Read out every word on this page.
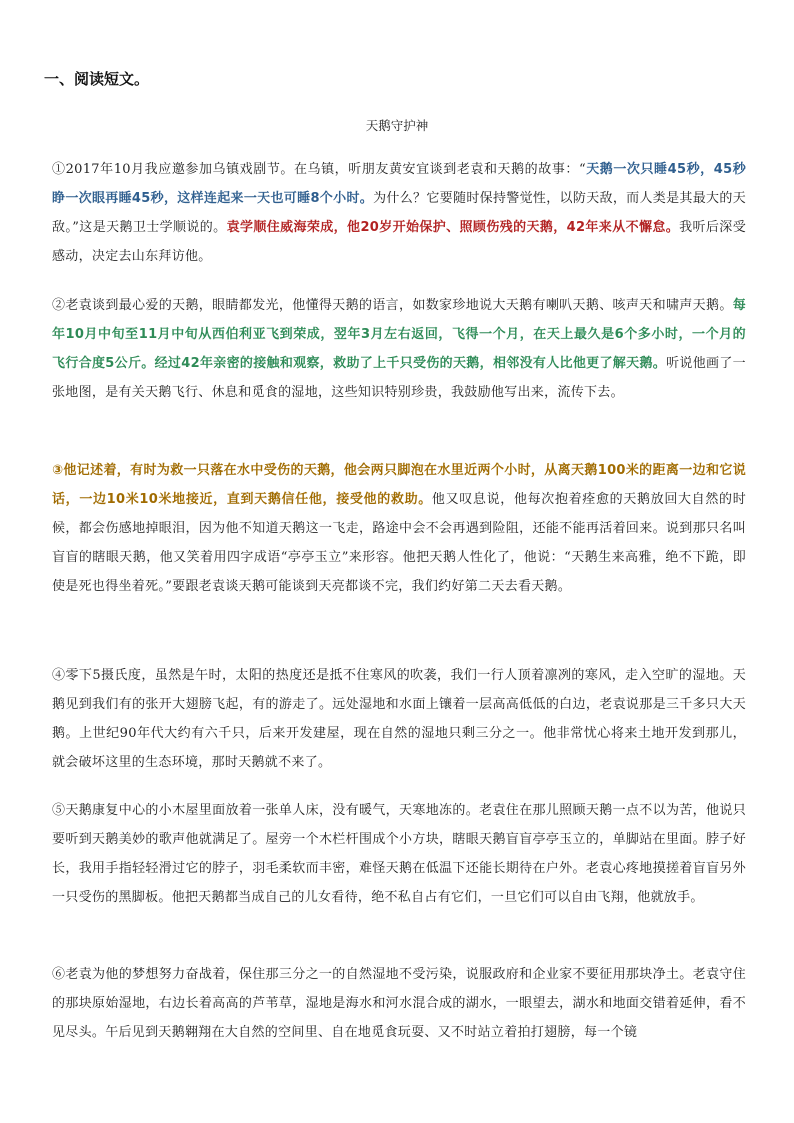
一、阅读短文。
天鹅守护神
①2017年10月我应邀参加乌镇戏剧节。在乌镇，听朋友黄安宜谈到老袁和天鹅的故事：“天鹅一次只睡45秒，45秒睁一次眼再睡45秒，这样连起来一天也可睡8个小时。为什么？它要随时保持警觉性，以防天敌，而人类是其最大的天敌。”这是天鹅卫士学顺说的。袁学顺住威海荣成，他20岁开始保护、照顾伤残的天鹅，42年来从不懈怠。我听后深受感动，决定去山东拜访他。
②老袁谈到最心爱的天鹅，眼睛都发光，他懂得天鹅的语言，如数家珍地说大天鹅有喇叭天鹅、咳声天和啸声天鹅。每年10月中旬至11月中旬从西伯利亚飞到荣成，翌年3月左右返回，飞得一个月，在天上最久是6个多小时，一个月的飞行合度5公斤。经过42年亲密的接触和观察，救助了上千只受伤的天鹅，相邻没有人比他更了解天鹅。听说他画了一张地图，是有关天鹅飞行、休息和觅食的湿地，这些知识特别珍贵，我鼓励他写出来，流传下去。
③他记述着，有时为救一只落在水中受伤的天鹅，他会两只脚泡在水里近两个小时，从离天鹅100米的距离一边和它说话，一边10米10米地接近，直到天鹅信任他，接受他的救助。他又叹息说，他每次抱着痊愈的天鹅放回大自然的时候，都会伤感地掉眼泪，因为他不知道天鹅这一飞走，路途中会不会再遇到险阻，还能不能再活着回来。说到那只名叫盲盲的瞎眼天鹅，他又笑着用四字成语“亭亭玉立”来形容。他把天鹅人性化了，他说：“天鹅生来高雅，绝不下跪，即使是死也得坐着死。”要跟老袁谈天鹅可能谈到天亮都谈不完，我们约好第二天去看天鹅。
④零下5摄氏度，虽然是午时，太阳的热度还是抵不住寒风的吹袭，我们一行人顶着凛冽的寒风，走入空旷的湿地。天鹅见到我们有的张开大翅膀飞起，有的游走了。远处湿地和水面上镶着一层高高低低的白边，老袁说那是三千多只大天鹅。上世纪90年代大约有六千只，后来开发建屋，现在自然的湿地只剩三分之一。他非常忧心将来土地开发到那儿，就会破坏这里的生态环境，那时天鹅就不来了。
⑤天鹅康复中心的小木屋里面放着一张单人床，没有暖气，天寒地冻的。老袁住在那儿照顾天鹅一点不以为苦，他说只要听到天鹅美妙的歌声他就满足了。屋旁一个木栏杆围成个小方块，瞎眼天鹅盲盲亭亭玉立的，单脚站在里面。脖子好长，我用手指轻轻滑过它的脖子，羽毛柔软而丰密，难怪天鹅在低温下还能长期待在户外。老袁心疼地摸搓着盲盲另外一只受伤的黑脚板。他把天鹅都当成自己的儿女看待，绝不私自占有它们，一旦它们可以自由飞翔，他就放手。
⑥老袁为他的梦想努力奋战着，保住那三分之一的自然湿地不受污染，说服政府和企业家不要征用那块净土。老袁守住的那块原始湿地，右边长着高高的芦苇草，湿地是海水和河水混合成的湖水，一眼望去，湖水和地面交错着延伸，看不见尽头。午后见到天鹅翱翔在大自然的空间里、自在地觅食玩耍、又不时站立着拍打翅膀，每一个镜
